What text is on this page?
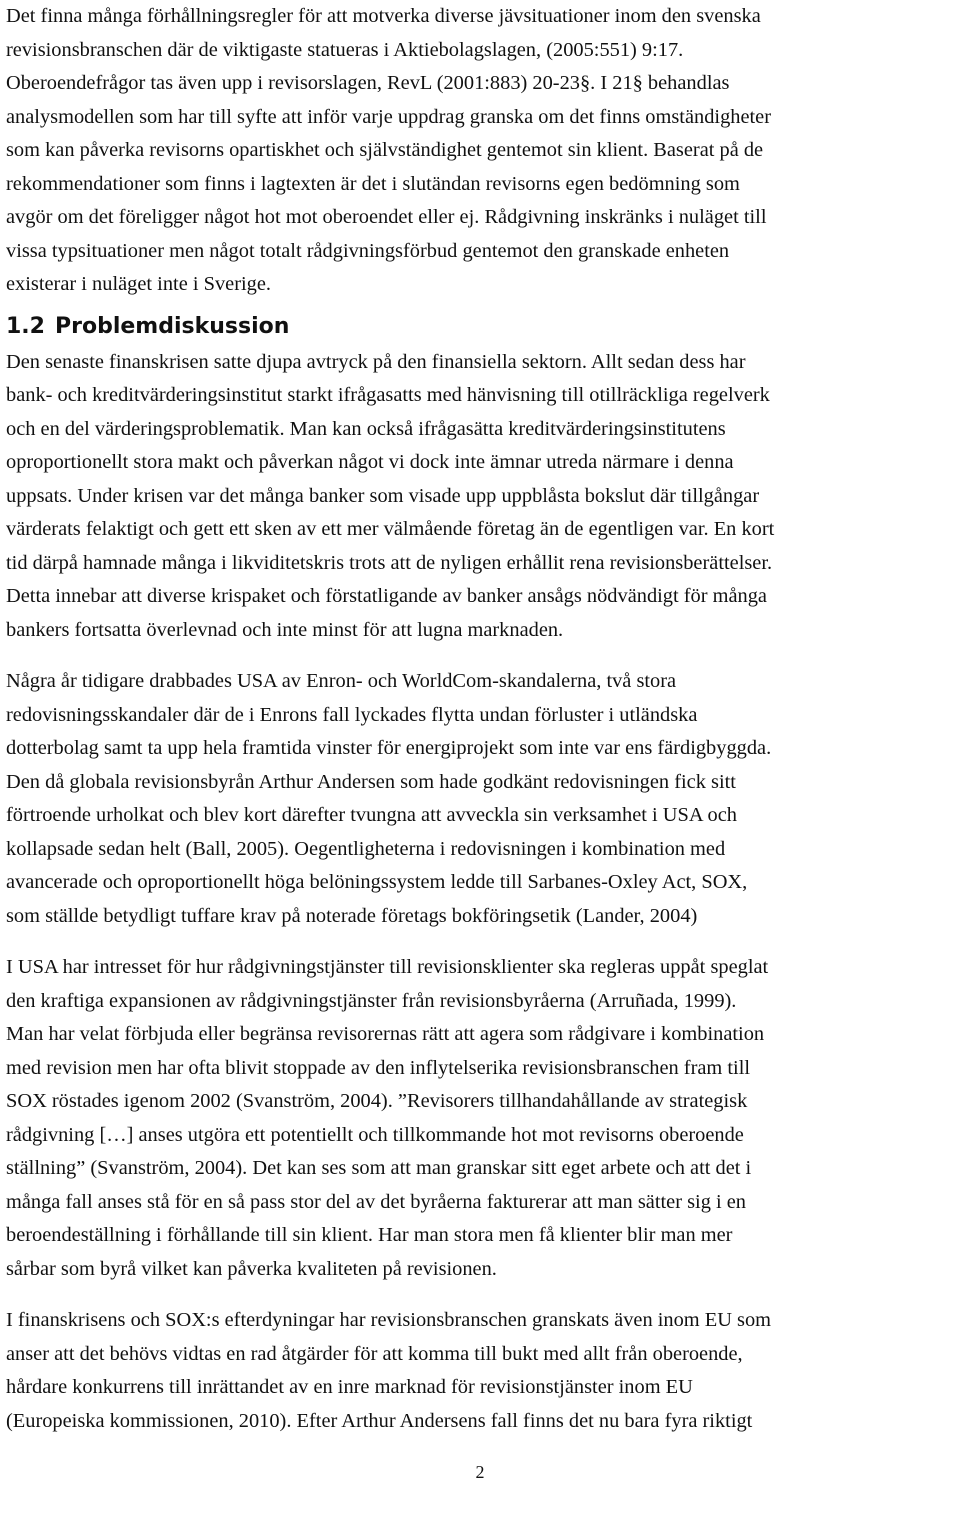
Det finna många förhållningsregler för att motverka diverse jävsituationer inom den svenska
revisionsbranschen där de viktigaste statueras i Aktiebolagslagen, (2005:551) 9:17.
Oberoendefrågor tas även upp i revisorslagen, RevL (2001:883) 20-23§. I 21§ behandlas
analysmodellen som har till syfte att inför varje uppdrag granska om det finns omständigheter
som kan påverka revisorns opartiskhet och självständighet gentemot sin klient. Baserat på de
rekommendationer som finns i lagtexten är det i slutändan revisorns egen bedömning som
avgör om det föreligger något hot mot oberoendet eller ej. Rådgivning inskränks i nuläget till
vissa typsituationer men något totalt rådgivningsförbud gentemot den granskade enheten
existerar i nuläget inte i Sverige.
1.2 Problemdiskussion
Den senaste finanskrisen satte djupa avtryck på den finansiella sektorn. Allt sedan dess har
bank- och kreditvärderingsinstitut starkt ifrågasatts med hänvisning till otillräckliga regelverk
och en del värderingsproblematik. Man kan också ifrågasätta kreditvärderingsinstitutens
oproportionellt stora makt och påverkan något vi dock inte ämnar utreda närmare i denna
uppsats. Under krisen var det många banker som visade upp uppblåsta bokslut där tillgångar
värderats felaktigt och gett ett sken av ett mer välmående företag än de egentligen var. En kort
tid därpå hamnade många i likviditetskris trots att de nyligen erhållit rena revisionsberättelser.
Detta innebar att diverse krispaket och förstatligande av banker ansågs nödvändigt för många
bankers fortsatta överlevnad och inte minst för att lugna marknaden.
Några år tidigare drabbades USA av Enron- och WorldCom-skandalerna, två stora
redovisningsskandaler där de i Enrons fall lyckades flytta undan förluster i utländska
dotterbolag samt ta upp hela framtida vinster för energiprojekt som inte var ens färdigbyggda.
Den då globala revisionsbyrån Arthur Andersen som hade godkänt redovisningen fick sitt
förtroende urholkat och blev kort därefter tvungna att avveckla sin verksamhet i USA och
kollapsade sedan helt (Ball, 2005). Oegentligheterna i redovisningen i kombination med
avancerade och oproportionellt höga belöningssystem ledde till Sarbanes-Oxley Act, SOX,
som ställde betydligt tuffare krav på noterade företags bokföringsetik (Lander, 2004)
I USA har intresset för hur rådgivningstjänster till revisionsklienter ska regleras uppåt speglat
den kraftiga expansionen av rådgivningstjänster från revisionsbyråerna (Arruñada, 1999).
Man har velat förbjuda eller begränsa revisorernas rätt att agera som rådgivare i kombination
med revision men har ofta blivit stoppade av den inflytelserika revisionsbranschen fram till
SOX röstades igenom 2002 (Svanström, 2004). ”Revisorers tillhandahållande av strategisk
rådgivning […] anses utgöra ett potentiellt och tillkommande hot mot revisorns oberoende
ställning” (Svanström, 2004). Det kan ses som att man granskar sitt eget arbete och att det i
många fall anses stå för en så pass stor del av det byråerna fakturerar att man sätter sig i en
beroendeställning i förhållande till sin klient. Har man stora men få klienter blir man mer
sårbar som byrå vilket kan påverka kvaliteten på revisionen.
I finanskrisens och SOX:s efterdyningar har revisionsbranschen granskats även inom EU som
anser att det behövs vidtas en rad åtgärder för att komma till bukt med allt från oberoende,
hårdare konkurrens till inrättandet av en inre marknad för revisionstjänster inom EU
(Europeiska kommissionen, 2010). Efter Arthur Andersens fall finns det nu bara fyra riktigt
2
